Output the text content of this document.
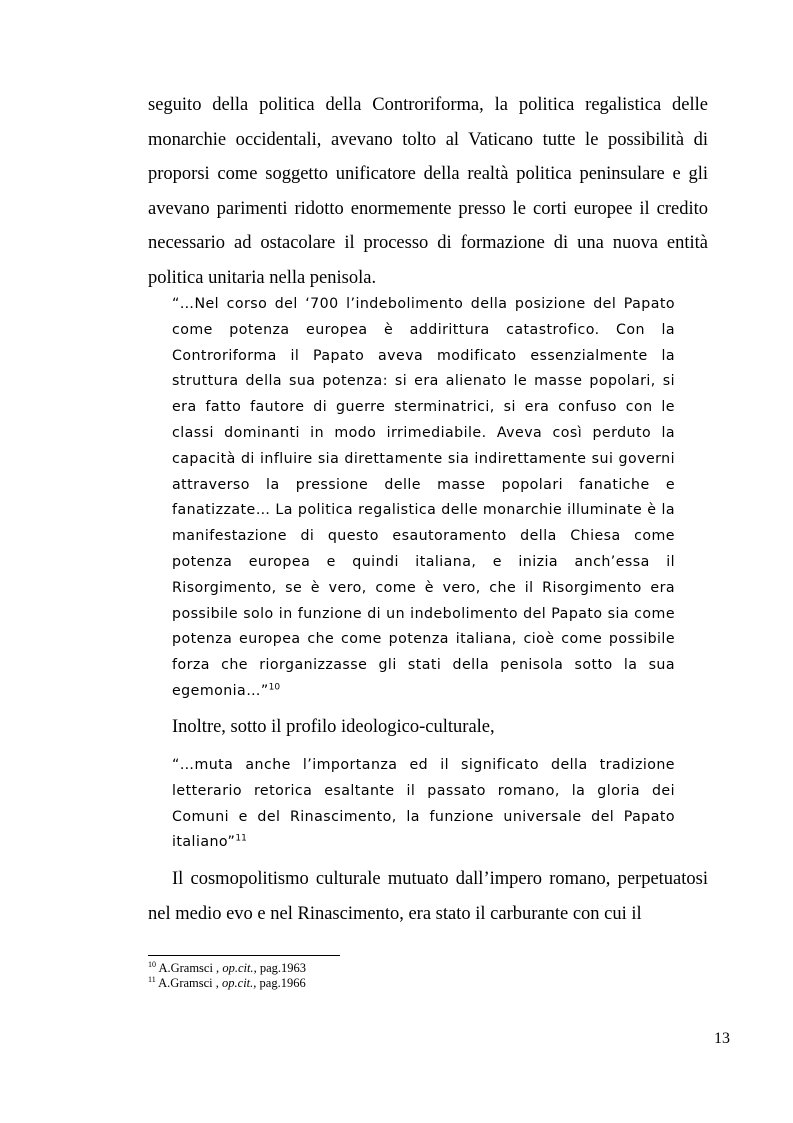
seguito della politica della Controriforma, la politica regalistica delle monarchie occidentali, avevano tolto al Vaticano tutte le possibilità di proporsi come soggetto unificatore della realtà politica peninsulare e gli avevano parimenti ridotto enormemente presso le corti europee il credito necessario ad ostacolare il processo di formazione di una nuova entità politica unitaria nella penisola.

“…Nel corso del ‘700 l’indebolimento della posizione del Papato come potenza europea è addirittura catastrofico. Con la Controriforma il Papato aveva modificato essenzialmente la struttura della sua potenza: si era alienato le masse popolari, si era fatto fautore di guerre sterminatrici, si era confuso con le classi dominanti in modo irrimediabile. Aveva così perduto la capacità di influire sia direttamente sia indirettamente sui governi attraverso la pressione delle masse popolari fanatiche e fanatizzate… La politica regalistica delle monarchie illuminate è la manifestazione di questo esautoramento della Chiesa come potenza europea e quindi italiana, e inizia anch’essa il Risorgimento, se è vero, come è vero, che il Risorgimento era possibile solo in funzione di un indebolimento del Papato sia come potenza europea che come potenza italiana, cioè come possibile forza che riorganizzasse gli stati della penisola sotto la sua egemonia…”$^{10}$

Inoltre, sotto il profilo ideologico-culturale,

“…muta anche l’importanza ed il significato della tradizione letterario retorica esaltante il passato romano, la gloria dei Comuni e del Rinascimento, la funzione universale del Papato italiano”$^{11}$

Il cosmopolitismo culturale mutuato dall’impero romano, perpetuatosi nel medio evo e nel Rinascimento, era stato il carburante con cui il

$^{10}$ A.Gramsci , op.cit., pag.1963
$^{11}$ A.Gramsci , op.cit., pag.1966

13
